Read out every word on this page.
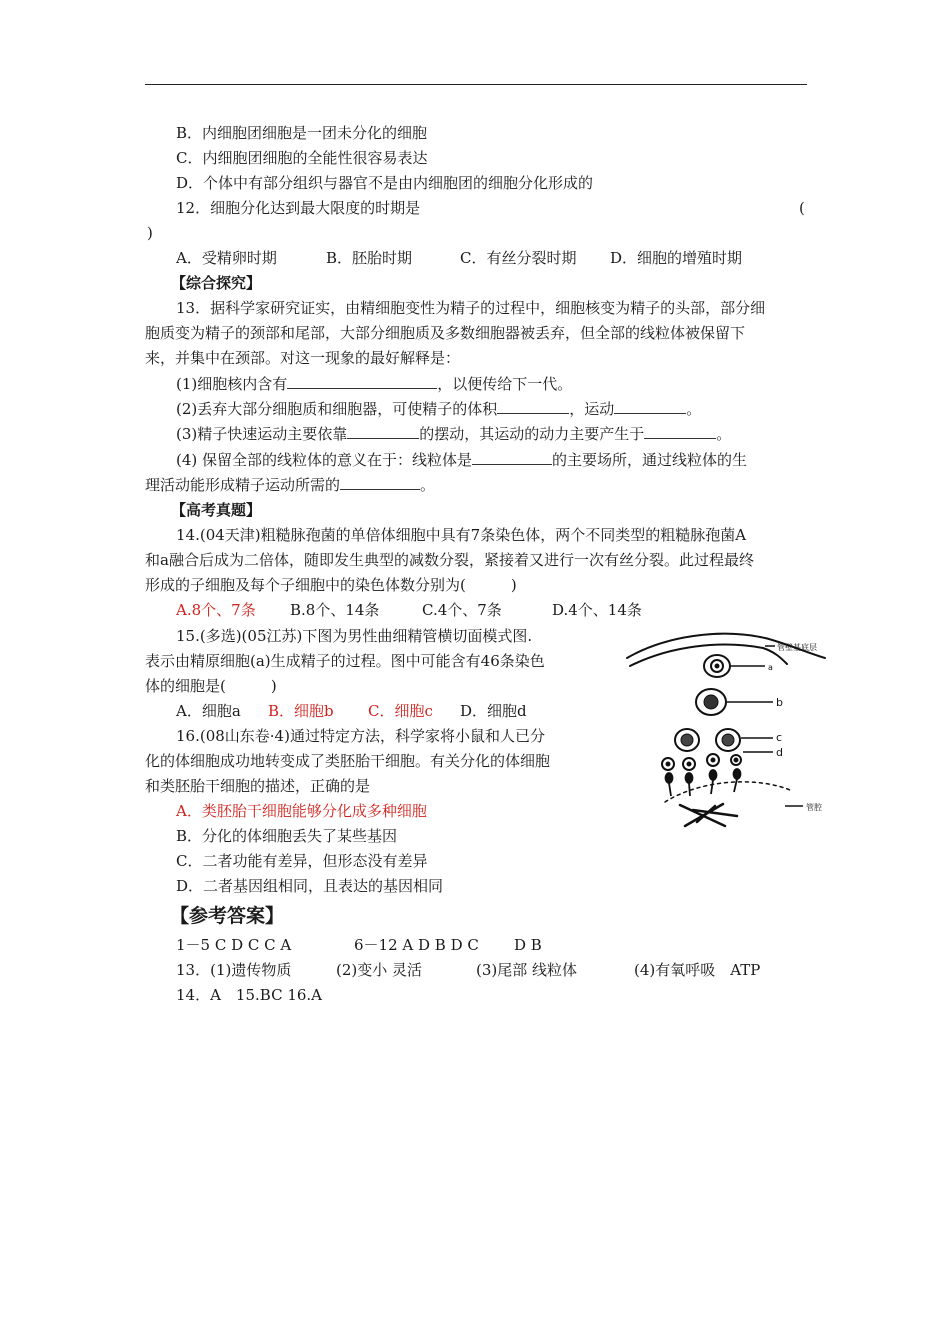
B．内细胞团细胞是一团未分化的细胞
C．内细胞团细胞的全能性很容易表达
D．个体中有部分组织与器官不是由内细胞团的细胞分化形成的
12．细胞分化达到最大限度的时期是	(
)
A．受精卵时期	B．胚胎时期	C．有丝分裂时期 D．细胞的增殖时期
【综合探究】
13．据科学家研究证实，由精细胞变性为精子的过程中，细胞核变为精子的头部，部分细
胞质变为精子的颈部和尾部，大部分细胞质及多数细胞器被丢弃，但全部的线粒体被保留下
来，并集中在颈部。对这一现象的最好解释是：
(1)细胞核内含有	，以便传给下一代。
(2)丢弃大部分细胞质和细胞器，可使精子的体积	，运动	。
(3)精子快速运动主要依靠	的摆动，其运动的动力主要产生于	。
(4) 保留全部的线粒体的意义在于：线粒体是	的主要场所，通过线粒体的生
理活动能形成精子运动所需的	。
【高考真题】
14.(04天津)粗糙脉孢菌的单倍体细胞中具有7条染色体，两个不同类型的粗糙脉孢菌A
和a融合后成为二倍体，随即发生典型的减数分裂，紧接着又进行一次有丝分裂。此过程最终
形成的子细胞及每个子细胞中的染色体数分别为(　　　)
A.8个、7条 B.8个、14条	C.4个、7条	D.4个、14条
15.(多选)(05江苏)下图为男性曲细精管横切面模式图.
表示由精原细胞(a)生成精子的过程。图中可能含有46条染色
体的细胞是(　　　)
A．细胞a B．细胞b C．细胞c D．细胞d
16.(08山东卷·4)通过特定方法，科学家将小鼠和人已分
化的体细胞成功地转变成了类胚胎干细胞。有关分化的体细胞
和类胚胎干细胞的描述，正确的是
A．类胚胎干细胞能够分化成多种细胞
B．分化的体细胞丢失了某些基因
C．二者功能有差异，但形态没有差异
D．二者基因组相同，且表达的基因相同
管壁基底层
a
b
c
d
管腔
【参考答案】
1－5 C D C C A	6－12 A D B D C D B
13．(1)遗传物质	(2)变小 灵活	(3)尾部 线粒体	(4)有氧呼吸　ATP
14．A　15.BC 16.A
